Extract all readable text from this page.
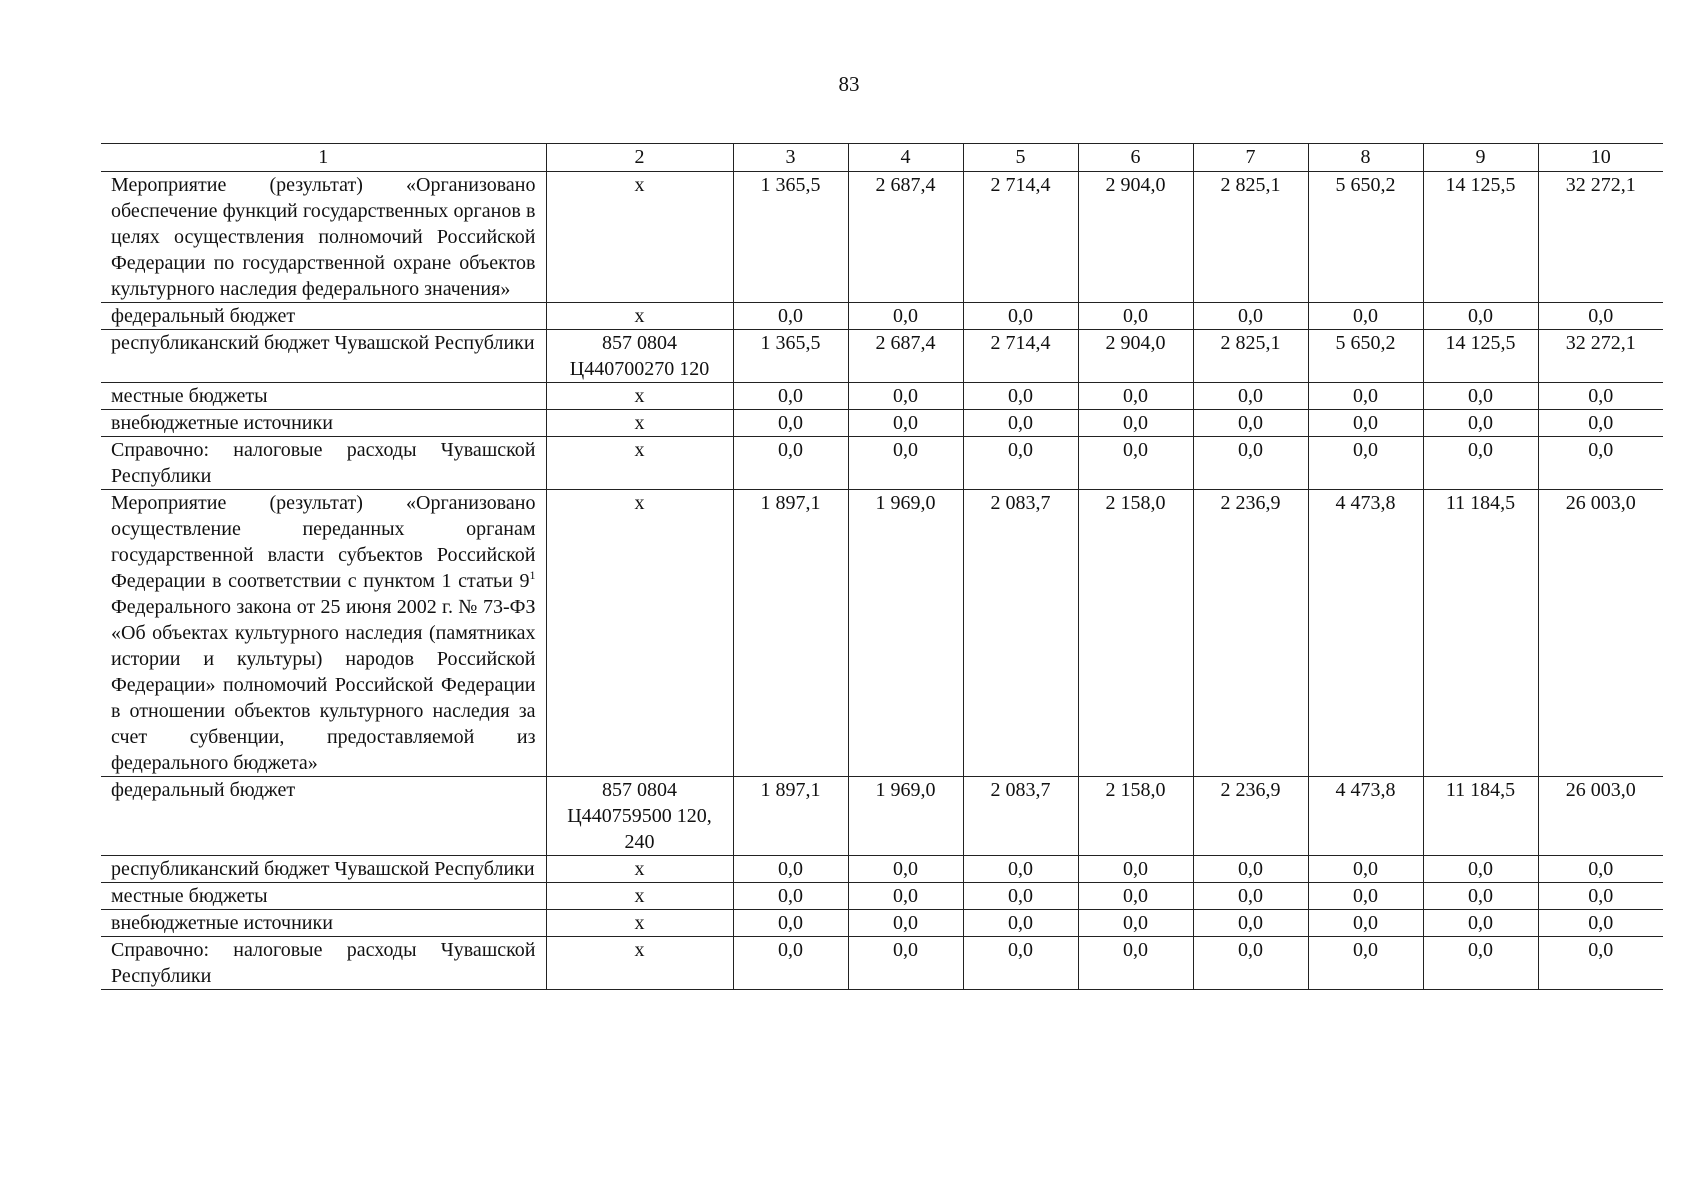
83
1	2	3	4	5	6	7	8	9	10
Мероприятие (результат) «Организовано обеспечение функций государственных органов в целях осуществления полномочий Российской Федерации по государственной охране объектов культурного наследия федерального значения»	x	1 365,5	2 687,4	2 714,4	2 904,0	2 825,1	5 650,2	14 125,5	32 272,1
федеральный бюджет	x	0,0	0,0	0,0	0,0	0,0	0,0	0,0	0,0
республиканский бюджет Чувашской Республики	857 0804 Ц440700270 120	1 365,5	2 687,4	2 714,4	2 904,0	2 825,1	5 650,2	14 125,5	32 272,1
местные бюджеты	x	0,0	0,0	0,0	0,0	0,0	0,0	0,0	0,0
внебюджетные источники	x	0,0	0,0	0,0	0,0	0,0	0,0	0,0	0,0
Справочно: налоговые расходы Чувашской Республики	x	0,0	0,0	0,0	0,0	0,0	0,0	0,0	0,0
Мероприятие (результат) «Организовано осуществление переданных органам государственной власти субъектов Российской Федерации в соответствии с пунктом 1 статьи $9^1$ Федерального закона от 25 июня 2002 г. № 73-ФЗ «Об объектах культурного наследия (памятниках истории и культуры) народов Российской Федерации» полномочий Российской Федерации в отношении объектов культурного наследия за счет субвенции, предоставляемой из федерального бюджета»	x	1 897,1	1 969,0	2 083,7	2 158,0	2 236,9	4 473,8	11 184,5	26 003,0
федеральный бюджет	857 0804 Ц440759500 120, 240	1 897,1	1 969,0	2 083,7	2 158,0	2 236,9	4 473,8	11 184,5	26 003,0
республиканский бюджет Чувашской Республики	x	0,0	0,0	0,0	0,0	0,0	0,0	0,0	0,0
местные бюджеты	x	0,0	0,0	0,0	0,0	0,0	0,0	0,0	0,0
внебюджетные источники	x	0,0	0,0	0,0	0,0	0,0	0,0	0,0	0,0
Справочно: налоговые расходы Чувашской Республики	x	0,0	0,0	0,0	0,0	0,0	0,0	0,0	0,0
